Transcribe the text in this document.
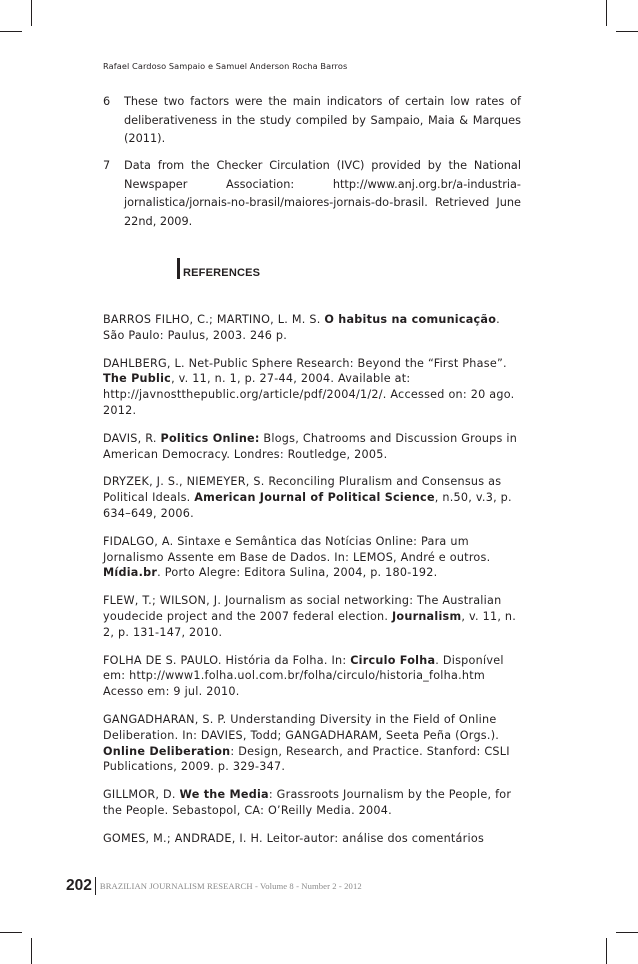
Rafael Cardoso Sampaio e Samuel Anderson Rocha Barros
6 These two factors were the main indicators of certain low rates of deliberativeness in the study compiled by Sampaio, Maia & Marques (2011).
7 Data from the Checker Circulation (IVC) provided by the National Newspaper Association: http://www.anj.org.br/a-industria-jornalistica/jornais-no-brasil/maiores-jornais-do-brasil. Retrieved June 22nd, 2009.
REFERENCES

BARROS FILHO, C.; MARTINO, L. M. S. O habitus na comunicação. São Paulo: Paulus, 2003. 246 p.

DAHLBERG, L. Net-Public Sphere Research: Beyond the “First Phase”. The Public, v. 11, n. 1, p. 27-44, 2004. Available at: http://javnostthepublic.org/article/pdf/2004/1/2/. Accessed on: 20 ago. 2012.

DAVIS, R. Politics Online: Blogs, Chatrooms and Discussion Groups in American Democracy. Londres: Routledge, 2005.

DRYZEK, J. S., NIEMEYER, S. Reconciling Pluralism and Consensus as Political Ideals. American Journal of Political Science, n.50, v.3, p. 634–649, 2006.

FIDALGO, A. Sintaxe e Semântica das Notícias Online: Para um Jornalismo Assente em Base de Dados. In: LEMOS, André e outros. Mídia.br. Porto Alegre: Editora Sulina, 2004, p. 180-192.

FLEW, T.; WILSON, J. Journalism as social networking: The Australian youdecide project and the 2007 federal election. Journalism, v. 11, n. 2, p. 131-147, 2010.

FOLHA DE S. PAULO. História da Folha. In: Circulo Folha. Disponível em: http://www1.folha.uol.com.br/folha/circulo/historia_folha.htm Acesso em: 9 jul. 2010.

GANGADHARAN, S. P. Understanding Diversity in the Field of Online Deliberation. In: DAVIES, Todd; GANGADHARAM, Seeta Peña (Orgs.). Online Deliberation: Design, Research, and Practice. Stanford: CSLI Publications, 2009. p. 329-347.

GILLMOR, D. We the Media: Grassroots Journalism by the People, for the People. Sebastopol, CA: O’Reilly Media. 2004.

GOMES, M.; ANDRADE, I. H. Leitor-autor: análise dos comentários

202 BRAZILIAN JOURNALISM RESEARCH - Volume 8 - Number 2 - 2012
